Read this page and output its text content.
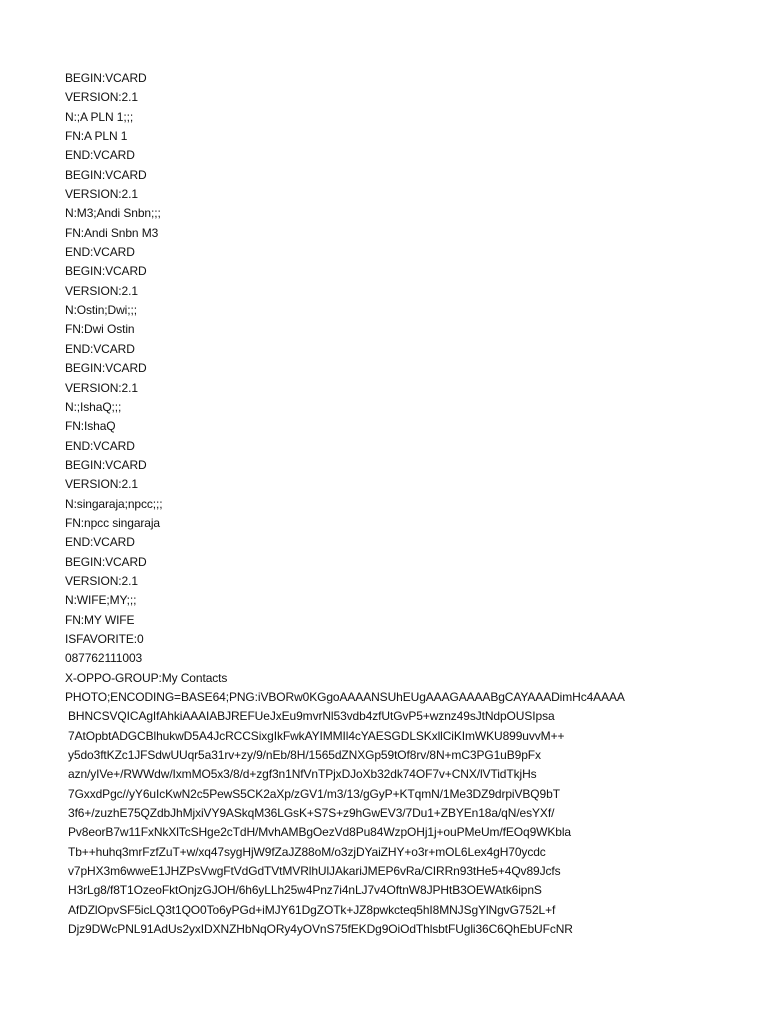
BEGIN:VCARD
VERSION:2.1
N:;A PLN 1;;;
FN:A PLN 1
END:VCARD
BEGIN:VCARD
VERSION:2.1
N:M3;Andi Snbn;;;
FN:Andi Snbn M3
END:VCARD
BEGIN:VCARD
VERSION:2.1
N:Ostin;Dwi;;;
FN:Dwi Ostin
END:VCARD
BEGIN:VCARD
VERSION:2.1
N:;IshaQ;;;
FN:IshaQ
END:VCARD
BEGIN:VCARD
VERSION:2.1
N:singaraja;npcc;;;
FN:npcc singaraja
END:VCARD
BEGIN:VCARD
VERSION:2.1
N:WIFE;MY;;;
FN:MY WIFE
ISFAVORITE:0
087762111003
X-OPPO-GROUP:My Contacts
PHOTO;ENCODING=BASE64;PNG:iVBORw0KGgoAAAANSUhEUgAAAGAAAABgCAYAAADimHc4AAAA
BHNCSVQICAgIfAhkiAAAIABJREFUeJxEu9mvrNl53vdb4zfUtGvP5+wznz49sJtNdpOUSIpsa
7AtOpbtADGCBlhukwD5A4JcRCCSixgIkFwkAYIMMIl4cYAESGDLSKxllCiKImWKU899uvvM++
y5do3ftKZc1JFSdwUUqr5a31rv+zy/9/nEb/8H/1565dZNXGp59tOf8rv/8N+mC3PG1uB9pFx
azn/yIVe+/RWWdw/IxmMO5x3/8/d+zgf3n1NfVnTPjxDJoXb32dk74OF7v+CNX/lVTidTkjHs
7GxxdPgc//yY6uIcKwN2c5PewS5CK2aXp/zGV1/m3/13/gGyP+KTqmN/1Me3DZ9drpiVBQ9bT
3f6+/zuzhE75QZdbJhMjxiVY9ASkqM36LGsK+S7S+z9hGwEV3/7Du1+ZBYEn18a/qN/esYXf/
Pv8eorB7w11FxNkXlTcSHge2cTdH/MvhAMBgOezVd8Pu84WzpOHj1j+ouPMeUm/fEOq9WKbla
Tb++huhq3mrFzfZuT+w/xq47sygHjW9fZaJZ88oM/o3zjDYaiZHY+o3r+mOL6Lex4gH70ycdc
v7pHX3m6wweE1JHZPsVwgFtVdGdTVtMVRlhUlJAkariJMEP6vRa/CIRRn93tHe5+4Qv89Jcfs
H3rLg8/f8T1OzeoFktOnjzGJOH/6h6yLLh25w4Pnz7i4nLJ7v4OftnW8JPHtB3OEWAtk6ipnS
AfDZlOpvSF5icLQ3t1QO0To6yPGd+iMJY61DgZOTk+JZ8pwkcteq5hI8MNJSgYlNgvG752L+f
Djz9DWcPNL91AdUs2yxIDXNZHbNqORy4yOVnS75fEKDg9OiOdThlsbtFUgli36C6QhEbUFcNR
